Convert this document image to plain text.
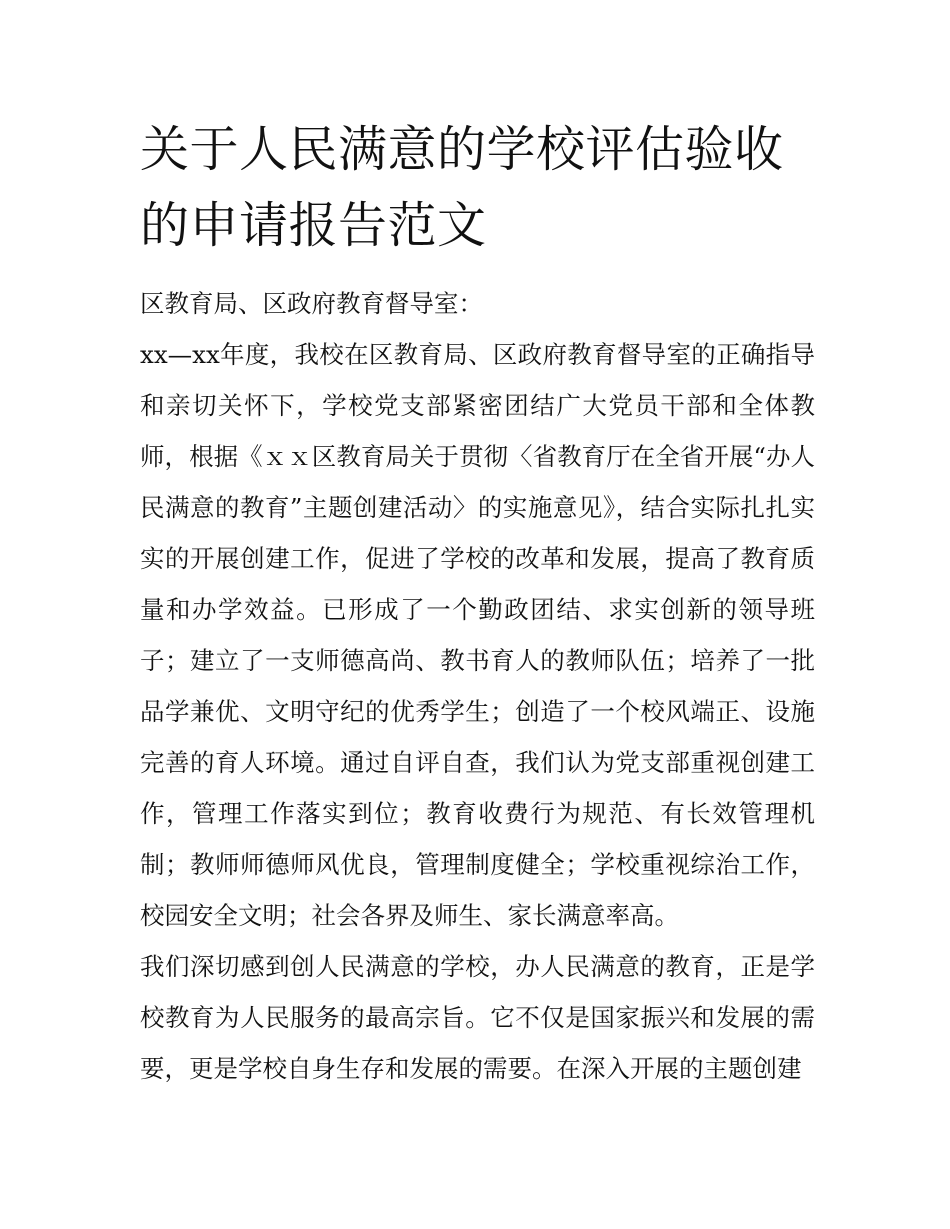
关于人民满意的学校评估验收的申请报告范文

区教育局、区政府教育督导室：

xx—xx年度，我校在区教育局、区政府教育督导室的正确指导和亲切关怀下，学校党支部紧密团结广大党员干部和全体教师，根据《ｘｘ区教育局关于贯彻〈省教育厅在全省开展“办人民满意的教育”主题创建活动〉的实施意见》，结合实际扎扎实实的开展创建工作，促进了学校的改革和发展，提高了教育质量和办学效益。已形成了一个勤政团结、求实创新的领导班子；建立了一支师德高尚、教书育人的教师队伍；培养了一批品学兼优、文明守纪的优秀学生；创造了一个校风端正、设施完善的育人环境。通过自评自查，我们认为党支部重视创建工作，管理工作落实到位；教育收费行为规范、有长效管理机制；教师师德师风优良，管理制度健全；学校重视综治工作，校园安全文明；社会各界及师生、家长满意率高。

我们深切感到创人民满意的学校，办人民满意的教育，正是学校教育为人民服务的最高宗旨。它不仅是国家振兴和发展的需要，更是学校自身生存和发展的需要。在深入开展的主题创建
